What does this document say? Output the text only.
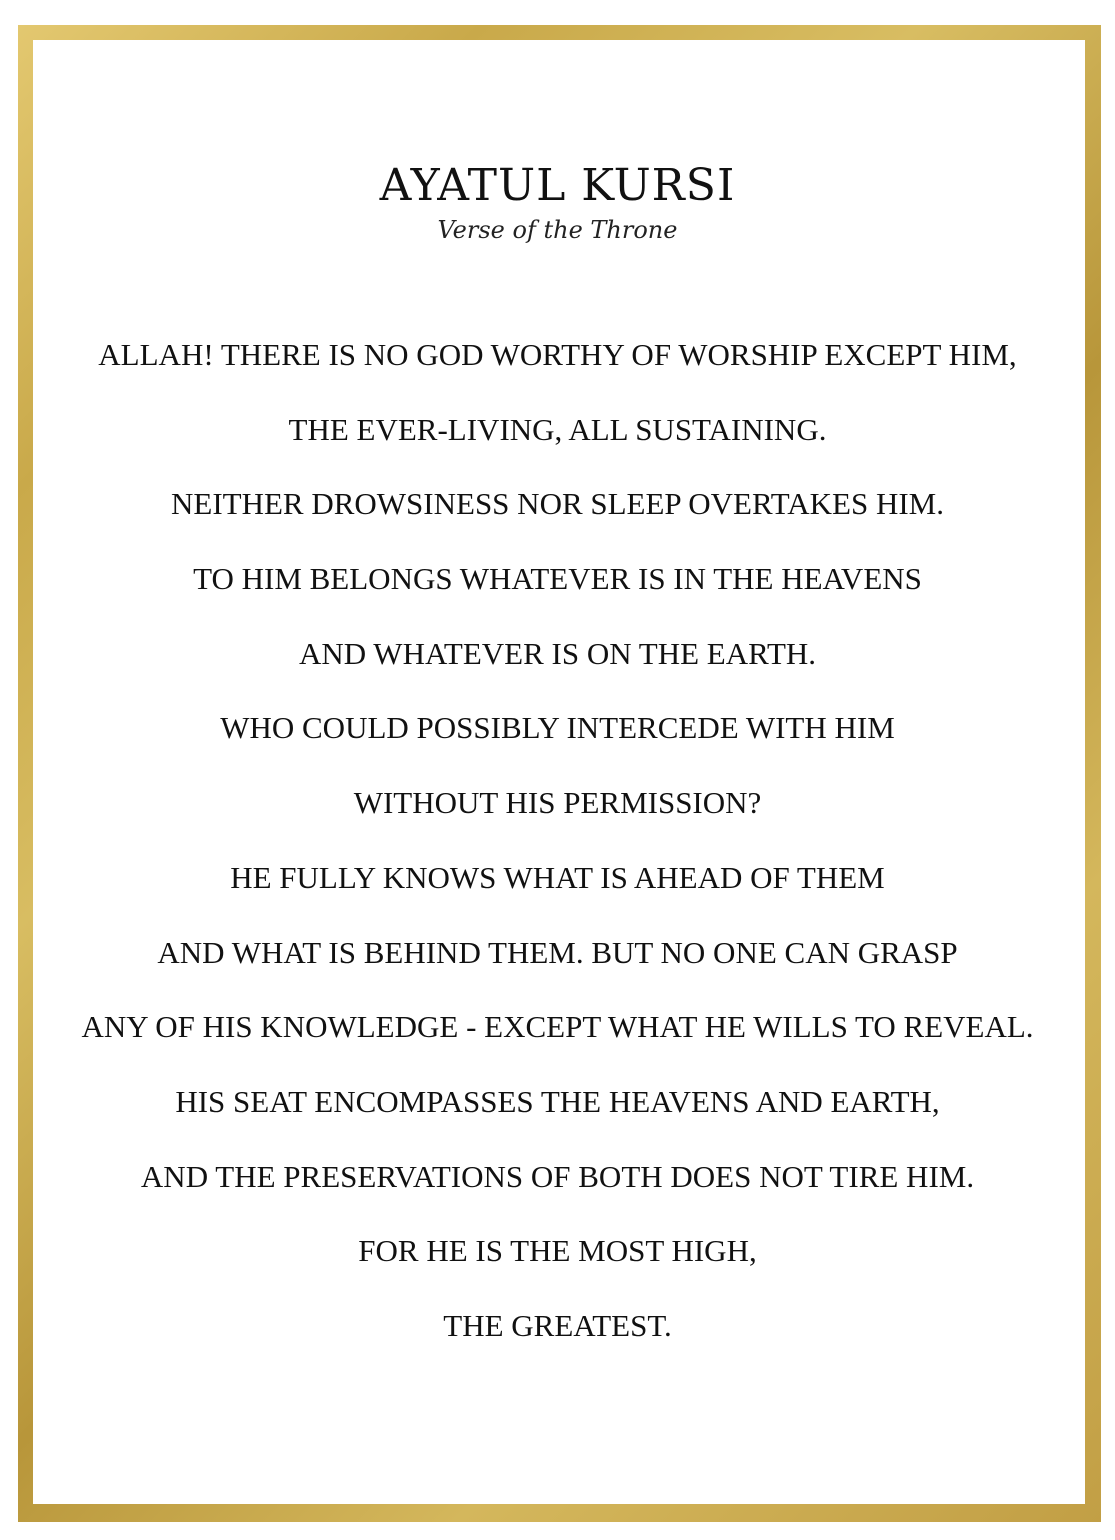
AYATUL KURSI
Verse of the Throne
ALLAH! THERE IS NO GOD WORTHY OF WORSHIP EXCEPT HIM,
THE EVER-LIVING, ALL SUSTAINING.
NEITHER DROWSINESS NOR SLEEP OVERTAKES HIM.
TO HIM BELONGS WHATEVER IS IN THE HEAVENS
AND WHATEVER IS ON THE EARTH.
WHO COULD POSSIBLY INTERCEDE WITH HIM
WITHOUT HIS PERMISSION?
HE FULLY KNOWS WHAT IS AHEAD OF THEM
AND WHAT IS BEHIND THEM. BUT NO ONE CAN GRASP
ANY OF HIS KNOWLEDGE - EXCEPT WHAT HE WILLS TO REVEAL.
HIS SEAT ENCOMPASSES THE HEAVENS AND EARTH,
AND THE PRESERVATIONS OF BOTH DOES NOT TIRE HIM.
FOR HE IS THE MOST HIGH,
THE GREATEST.
